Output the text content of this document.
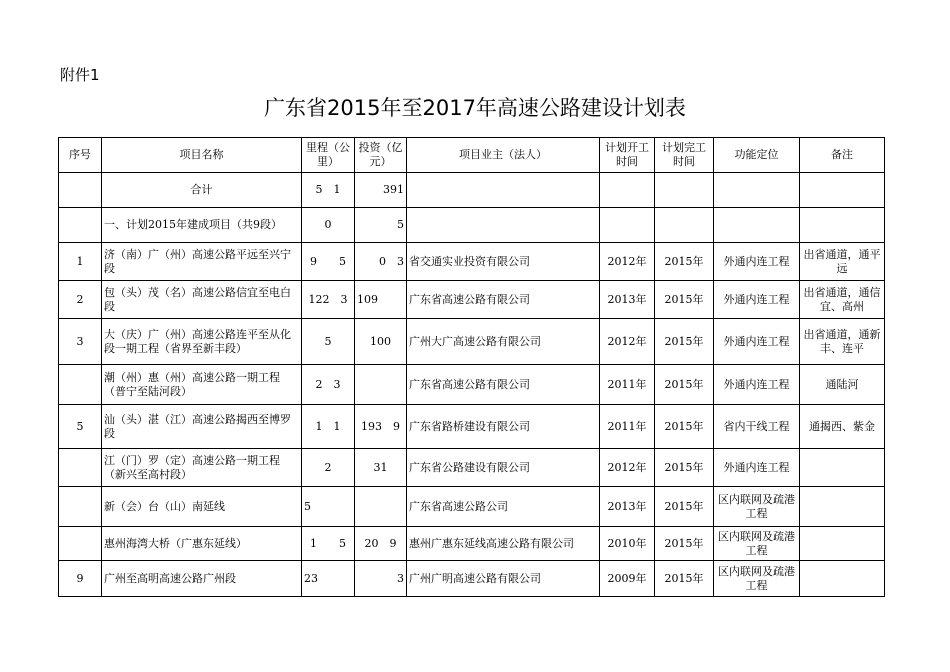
附件1
广东省2015年至2017年高速公路建设计划表
序号	项目名称	里程（公里）	投资（亿元）	项目业主（法人）	计划开工时间	计划完工时间	功能定位	备注
	合计	5　1	391					
	一、计划2015年建成项目（共9段）	0	5					
1	济（南）广（州）高速公路平远至兴宁段	9　　5	0　3	省交通实业投资有限公司	2012年	2015年	外通内连工程	出省通道，通平远
2	包（头）茂（名）高速公路信宜至电白段	122　3	109	广东省高速公路有限公司	2013年	2015年	外通内连工程	出省通道，通信宜、高州
3	大（庆）广（州）高速公路连平至从化段一期工程（省界至新丰段）	5	100	广州大广高速公路有限公司	2012年	2015年	外通内连工程	出省通道，通新丰、连平
	潮（州）惠（州）高速公路一期工程（普宁至陆河段）	2　3		广东省高速公路有限公司	2011年	2015年	外通内连工程	通陆河
5	汕（头）湛（江）高速公路揭西至博罗段	1　1	193　9	广东省路桥建设有限公司	2011年	2015年	省内干线工程	通揭西、紫金
	江（门）罗（定）高速公路一期工程（新兴至高村段）	2	31	广东省公路建设有限公司	2012年	2015年	外通内连工程	
	新（会）台（山）南延线	5		广东省高速公路公司	2013年	2015年	区内联网及疏港工程	
	惠州海湾大桥（广惠东延线）	1　　5	20　9	惠州广惠东延线高速公路有限公司	2010年	2015年	区内联网及疏港工程	
9	广州至高明高速公路广州段	23	3	广州广明高速公路有限公司	2009年	2015年	区内联网及疏港工程	
